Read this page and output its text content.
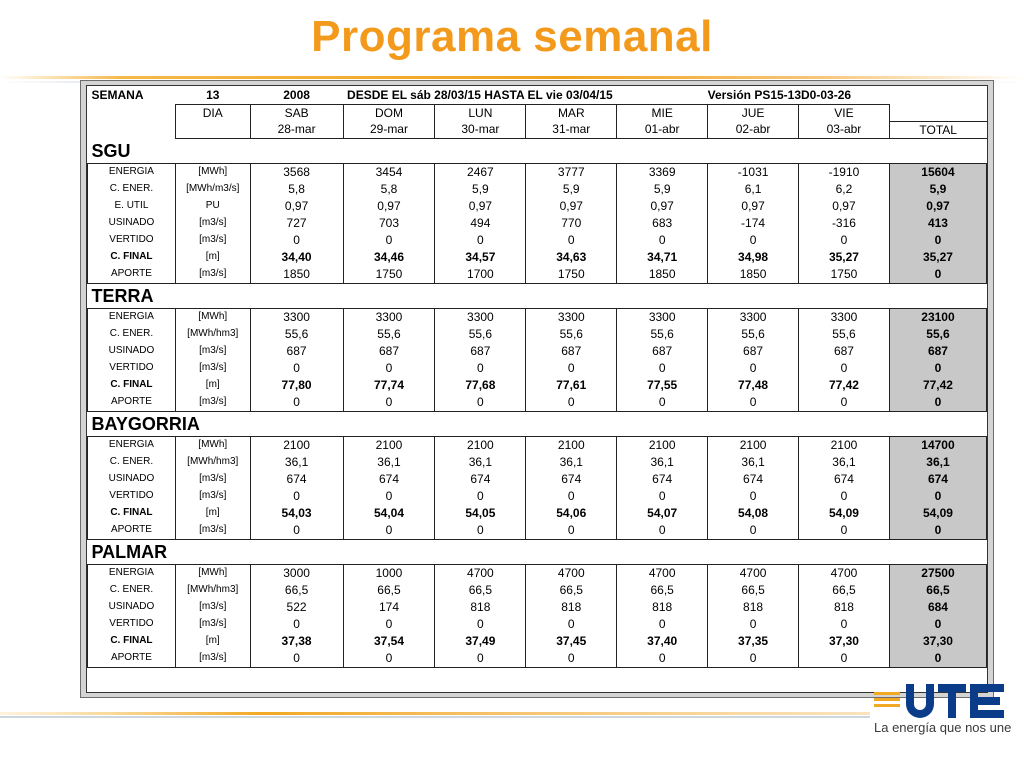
Programa semanal
SEMANA	13	2008	DESDE EL sáb 28/03/15 HASTA EL vie 03/04/15				Versión PS15-13D0-03-26		
	DIA	SAB	DOM	LUN	MAR	MIE	JUE	VIE	
		28-mar	29-mar	30-mar	31-mar	01-abr	02-abr	03-abr	TOTAL
SGU									
ENERGIA	[MWh]	3568	3454	2467	3777	3369	-1031	-1910	15604
C. ENER.	[MWh/m3/s]	5,8	5,8	5,9	5,9	5,9	6,1	6,2	5,9
E. UTIL	PU	0,97	0,97	0,97	0,97	0,97	0,97	0,97	0,97
USINADO	[m3/s]	727	703	494	770	683	-174	-316	413
VERTIDO	[m3/s]	0	0	0	0	0	0	0	0
C. FINAL	[m]	34,40	34,46	34,57	34,63	34,71	34,98	35,27	35,27
APORTE	[m3/s]	1850	1750	1700	1750	1850	1850	1750	0
TERRA									
ENERGIA	[MWh]	3300	3300	3300	3300	3300	3300	3300	23100
C. ENER.	[MWh/hm3]	55,6	55,6	55,6	55,6	55,6	55,6	55,6	55,6
USINADO	[m3/s]	687	687	687	687	687	687	687	687
VERTIDO	[m3/s]	0	0	0	0	0	0	0	0
C. FINAL	[m]	77,80	77,74	77,68	77,61	77,55	77,48	77,42	77,42
APORTE	[m3/s]	0	0	0	0	0	0	0	0
BAYGORRIA									
ENERGIA	[MWh]	2100	2100	2100	2100	2100	2100	2100	14700
C. ENER.	[MWh/hm3]	36,1	36,1	36,1	36,1	36,1	36,1	36,1	36,1
USINADO	[m3/s]	674	674	674	674	674	674	674	674
VERTIDO	[m3/s]	0	0	0	0	0	0	0	0
C. FINAL	[m]	54,03	54,04	54,05	54,06	54,07	54,08	54,09	54,09
APORTE	[m3/s]	0	0	0	0	0	0	0	0
PALMAR									
ENERGIA	[MWh]	3000	1000	4700	4700	4700	4700	4700	27500
C. ENER.	[MWh/hm3]	66,5	66,5	66,5	66,5	66,5	66,5	66,5	66,5
USINADO	[m3/s]	522	174	818	818	818	818	818	684
VERTIDO	[m3/s]	0	0	0	0	0	0	0	0
C. FINAL	[m]	37,38	37,54	37,49	37,45	37,40	37,35	37,30	37,30
APORTE	[m3/s]	0	0	0	0	0	0	0	0
La energía que nos une
